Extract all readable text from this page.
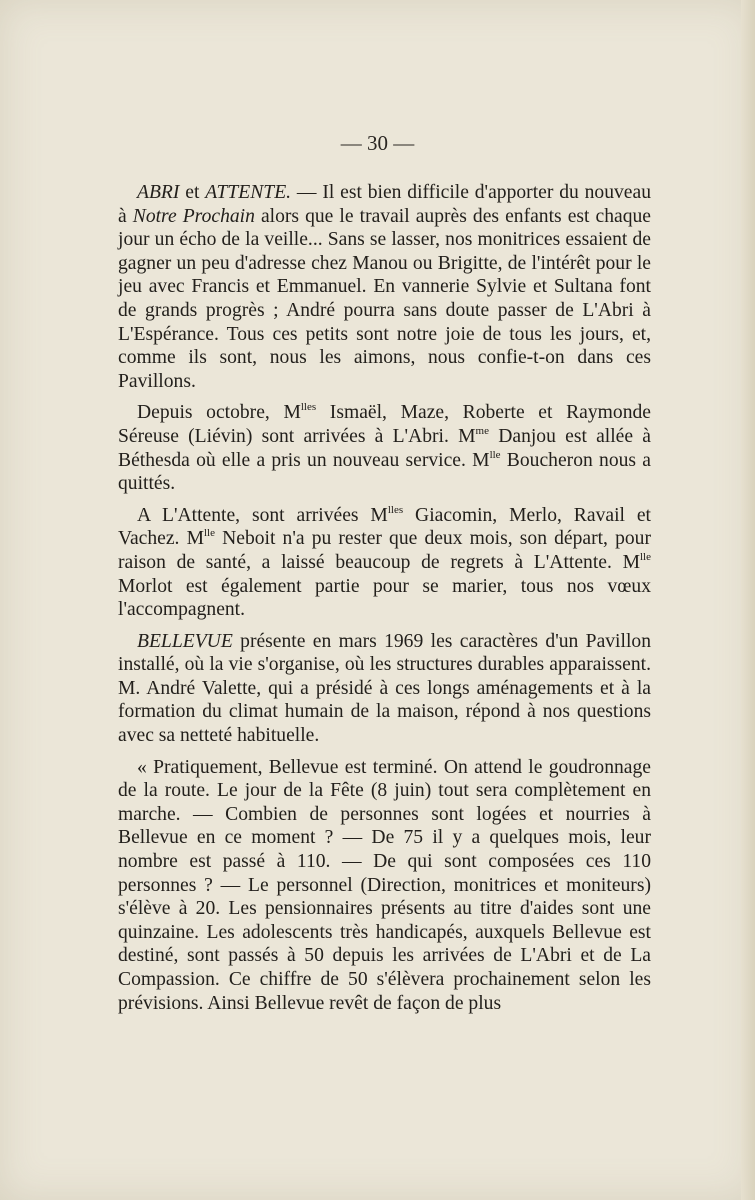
— 30 —

ABRI et ATTENTE. — Il est bien difficile d'apporter du nouveau à Notre Prochain alors que le travail auprès des enfants est chaque jour un écho de la veille... Sans se lasser, nos monitrices essaient de gagner un peu d'adresse chez Manou ou Brigitte, de l'intérêt pour le jeu avec Francis et Emmanuel. En vannerie Sylvie et Sultana font de grands progrès ; André pourra sans doute passer de L'Abri à L'Espérance. Tous ces petits sont notre joie de tous les jours, et, comme ils sont, nous les aimons, nous confie-t-on dans ces Pavillons.

Depuis octobre, $M^{lles}$ Ismaël, Maze, Roberte et Raymonde Séreuse (Liévin) sont arrivées à L'Abri. $M^{me}$ Danjou est allée à Béthesda où elle a pris un nouveau service. $M^{lle}$ Boucheron nous a quittés.

A L'Attente, sont arrivées $M^{lles}$ Giacomin, Merlo, Ravail et Vachez. $M^{lle}$ Neboit n'a pu rester que deux mois, son départ, pour raison de santé, a laissé beaucoup de regrets à L'Attente. $M^{lle}$ Morlot est également partie pour se marier, tous nos vœux l'accompagnent.

BELLEVUE présente en mars 1969 les caractères d'un Pavillon installé, où la vie s'organise, où les structures durables apparaissent. M. André Valette, qui a présidé à ces longs aménagements et à la formation du climat humain de la maison, répond à nos questions avec sa netteté habituelle.

« Pratiquement, Bellevue est terminé. On attend le goudronnage de la route. Le jour de la Fête (8 juin) tout sera complètement en marche. — Combien de personnes sont logées et nourries à Bellevue en ce moment ? — De 75 il y a quelques mois, leur nombre est passé à 110. — De qui sont composées ces 110 personnes ? — Le personnel (Direction, monitrices et moniteurs) s'élève à 20. Les pensionnaires présents au titre d'aides sont une quinzaine. Les adolescents très handicapés, auxquels Bellevue est destiné, sont passés à 50 depuis les arrivées de L'Abri et de La Compassion. Ce chiffre de 50 s'élèvera prochainement selon les prévisions. Ainsi Bellevue revêt de façon de plus
